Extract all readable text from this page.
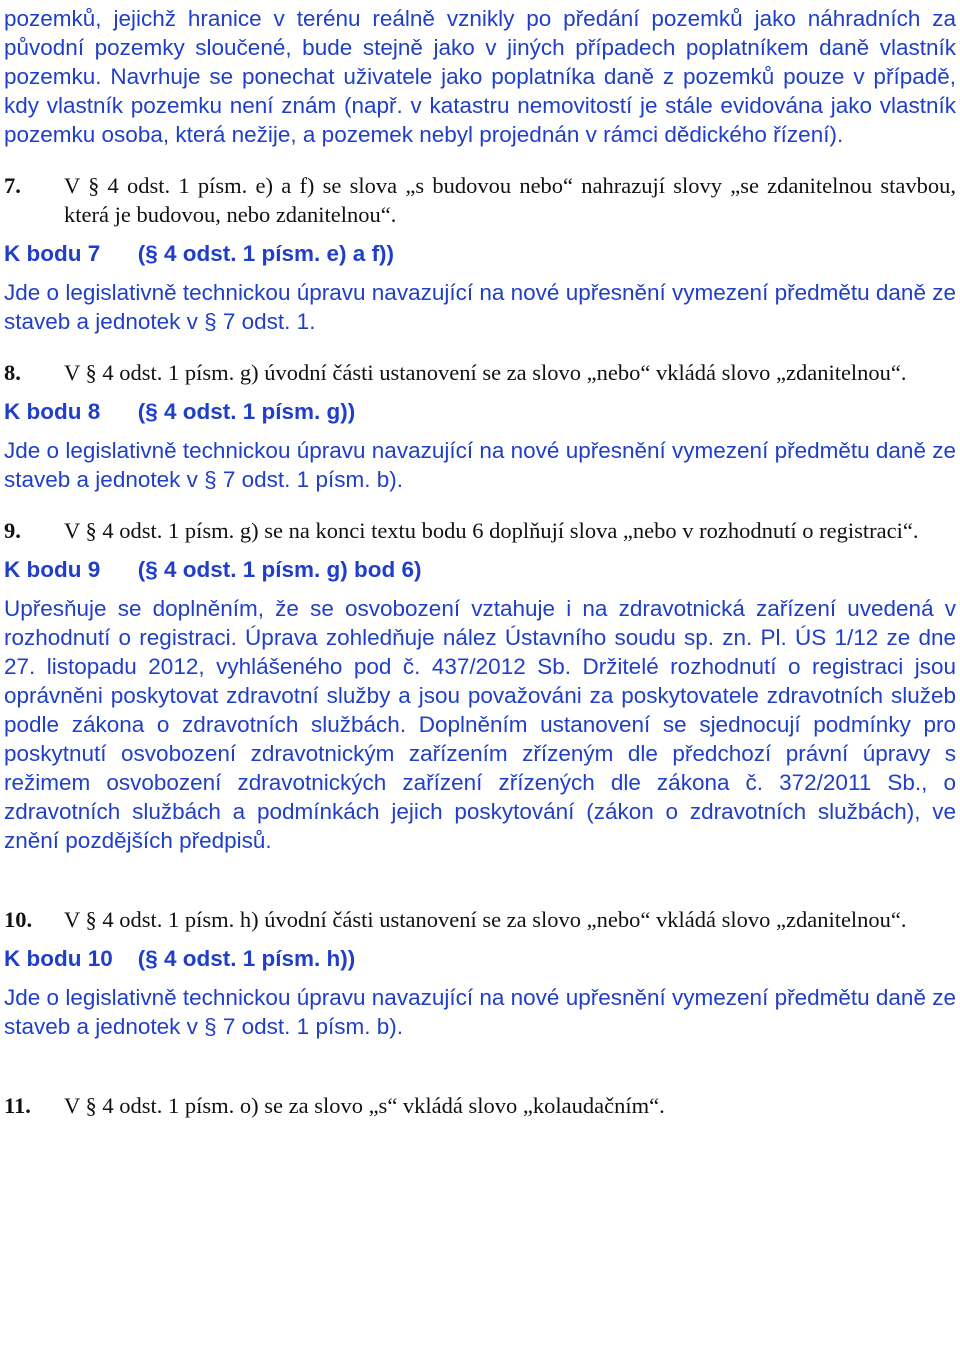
pozemků, jejichž hranice v terénu reálně vznikly po předání pozemků jako náhradních za původní pozemky sloučené, bude stejně jako v jiných případech poplatníkem daně vlastník pozemku. Navrhuje se ponechat uživatele jako poplatníka daně z pozemků pouze v případě, kdy vlastník pozemku není znám (např. v katastru nemovitostí je stále evidována jako vlastník pozemku osoba, která nežije, a pozemek nebyl projednán v rámci dědického řízení).

7.	V § 4 odst. 1 písm. e) a f) se slova „s budovou nebo“ nahrazují slovy „se zdanitelnou stavbou, která je budovou, nebo zdanitelnou“.
K bodu 7      (§ 4 odst. 1 písm. e) a f))

Jde o legislativně technickou úpravu navazující na nové upřesnění vymezení předmětu daně ze staveb a jednotek v § 7 odst. 1.

8.	V § 4 odst. 1 písm. g) úvodní části ustanovení se za slovo „nebo“ vkládá slovo „zdanitelnou“.
K bodu 8      (§ 4 odst. 1 písm. g))

Jde o legislativně technickou úpravu navazující na nové upřesnění vymezení předmětu daně ze staveb a jednotek v § 7 odst. 1 písm. b).

9.	V § 4 odst. 1 písm. g) se na konci textu bodu 6 doplňují slova „nebo v rozhodnutí o registraci“.
K bodu 9      (§ 4 odst. 1 písm. g) bod 6)

Upřesňuje se doplněním, že se osvobození vztahuje i na zdravotnická zařízení uvedená v rozhodnutí o registraci. Úprava zohledňuje nález Ústavního soudu sp. zn. Pl. ÚS 1/12 ze dne 27. listopadu 2012, vyhlášeného pod č. 437/2012 Sb. Držitelé rozhodnutí o registraci jsou oprávněni poskytovat zdravotní služby a jsou považováni za poskytovatele zdravotních služeb podle zákona o zdravotních službách. Doplněním ustanovení se sjednocují podmínky pro poskytnutí osvobození zdravotnickým zařízením zřízeným dle předchozí právní úpravy s režimem osvobození zdravotnických zařízení zřízených dle zákona č. 372/2011 Sb., o zdravotních službách a podmínkách jejich poskytování (zákon o zdravotních službách), ve znění pozdějších předpisů.

10.	V § 4 odst. 1 písm. h) úvodní části ustanovení se za slovo „nebo“ vkládá slovo „zdanitelnou“.
K bodu 10    (§ 4 odst. 1 písm. h))

Jde o legislativně technickou úpravu navazující na nové upřesnění vymezení předmětu daně ze staveb a jednotek v § 7 odst. 1 písm. b).

11.	V § 4 odst. 1 písm. o) se za slovo „s“ vkládá slovo „kolaudačním“.
